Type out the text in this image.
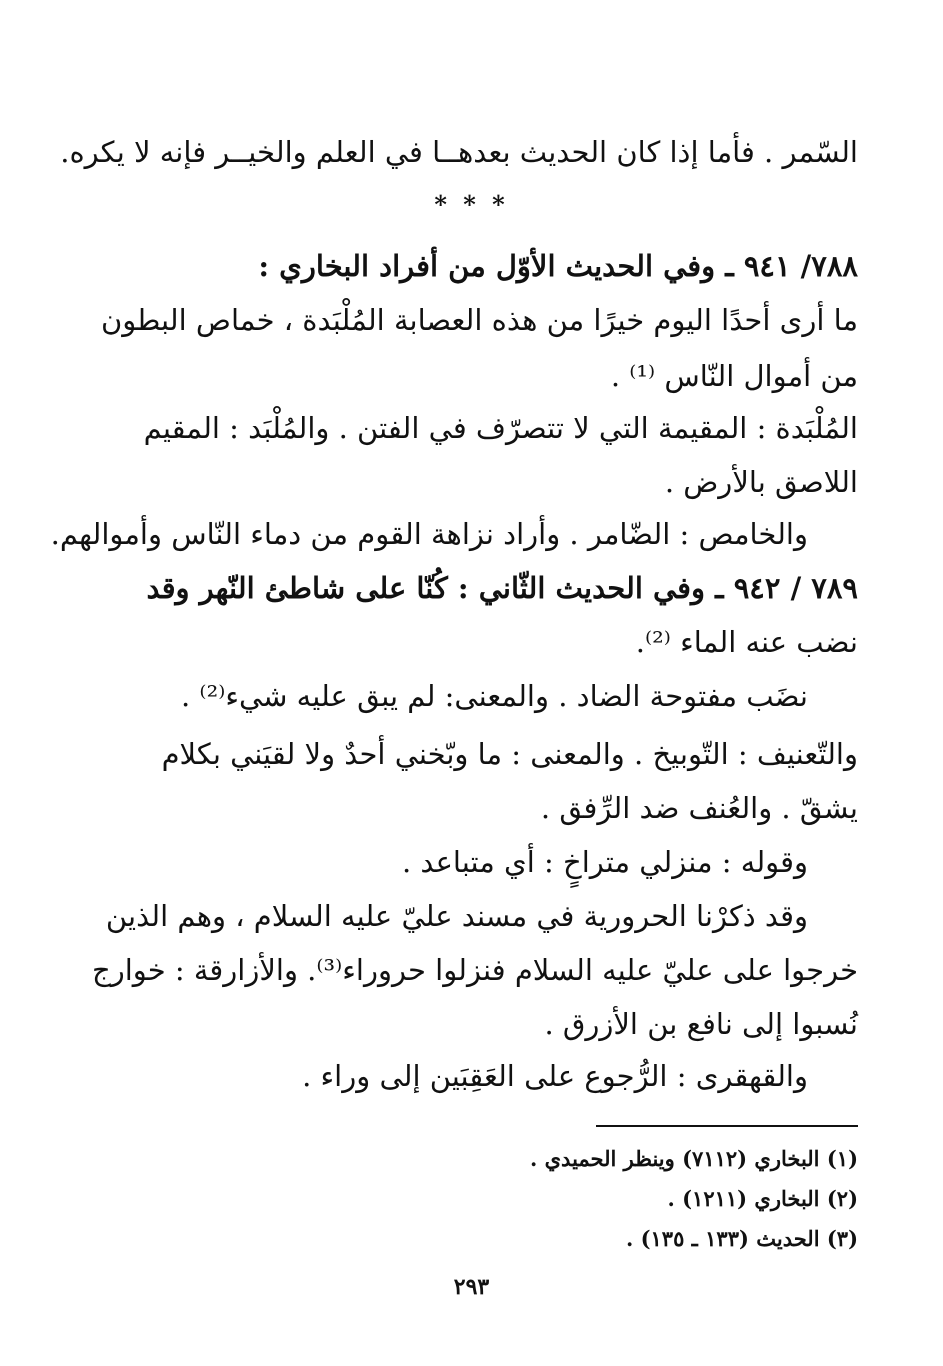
السّمر . فأما إذا كان الحديث بعدهــا في العلم والخيــر فإنه لا يكره.
* * *
٧٨٨/ ٩٤١ ـ وفي الحديث الأوّل من أفراد البخاري :
ما أرى أحدًا اليوم خيرًا من هذه العصابة المُلْبَدة ، خماص البطون
من أموال النّاس ⁽¹⁾ .
المُلْبَدة : المقيمة التي لا تتصرّف في الفتن . والمُلْبَد : المقيم
اللاصق بالأرض .
والخامص : الضّامر . وأراد نزاهة القوم من دماء النّاس وأموالهم.
٧٨٩ / ٩٤٢ ـ وفي الحديث الثّاني : كُنّا على شاطئ النّهر وقد
نضب عنه الماء ⁽²⁾.
نضَب مفتوحة الضاد . والمعنى: لم يبق عليه شيء⁽²⁾ .
والتّعنيف : التّوبيخ . والمعنى : ما وبّخني أحدٌ ولا لقيَني بكلام
يشقّ . والعُنف ضد الرِّفق .
وقوله : منزلي متراخٍ : أي متباعد .
وقد ذكرْنا الحرورية في مسند عليّ عليه السلام ، وهم الذين
خرجوا على عليّ عليه السلام فنزلوا حروراء⁽³⁾. والأزارقة : خوارج
نُسبوا إلى نافع بن الأزرق .
والقهقرى : الرُّجوع على العَقِبَين إلى وراء .
(١) البخاري (٧١١٢) وينظر الحميدي .
(٢) البخاري (١٢١١) .
(٣) الحديث (١٣٣ ـ ١٣٥) .
٢٩٣
